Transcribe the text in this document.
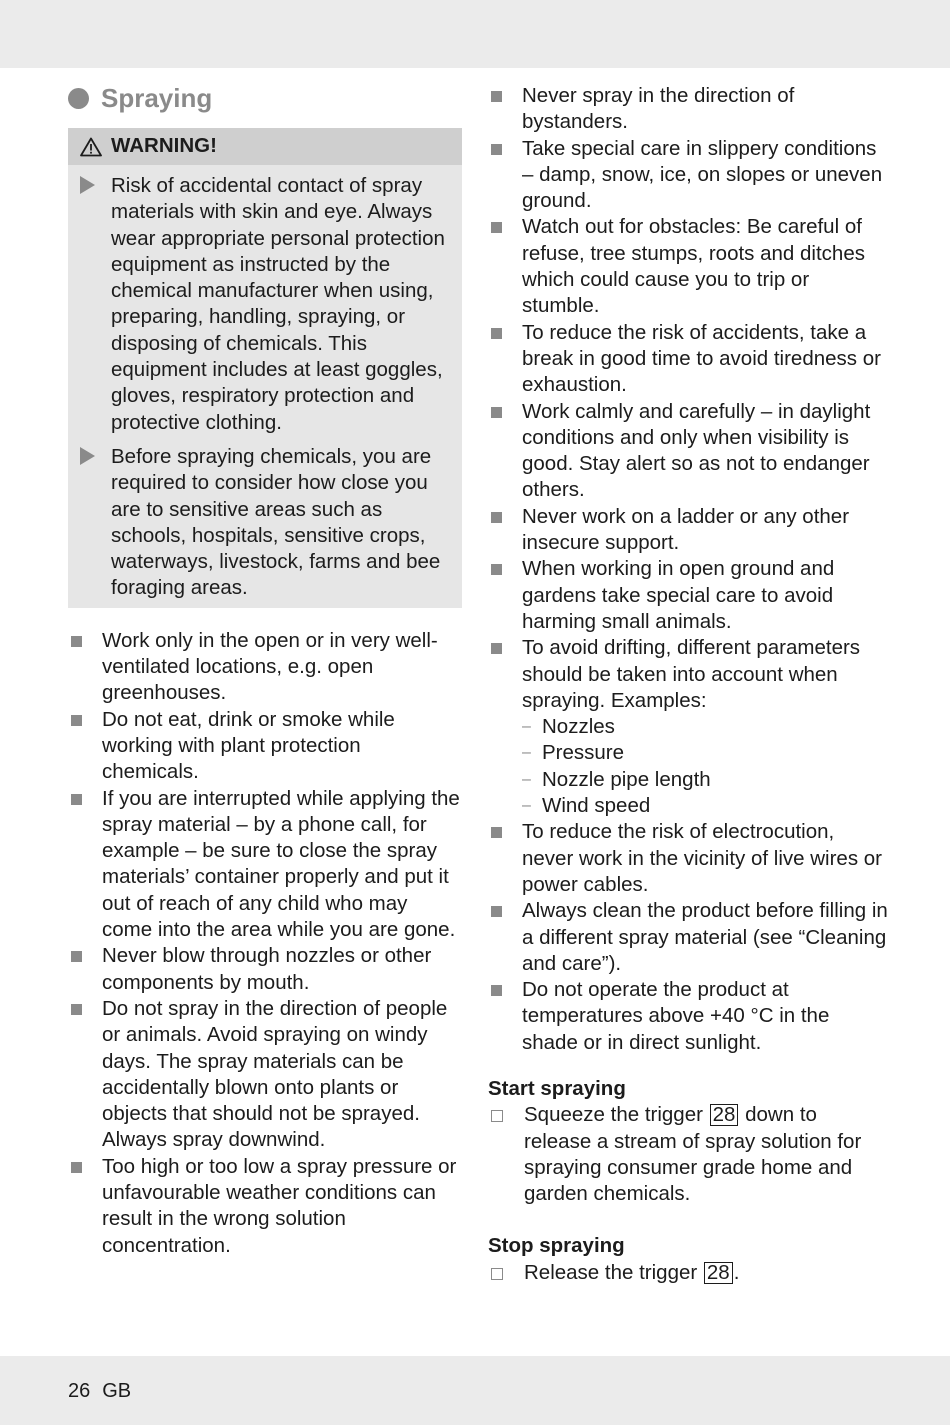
Spraying
WARNING!
Risk of accidental contact of spray materials with skin and eye. Always wear appropriate personal protection equipment as instructed by the chemical manufacturer when using, preparing, handling, spraying, or disposing of chemicals. This equipment includes at least goggles, gloves, respiratory protection and protective clothing.
Before spraying chemicals, you are required to consider how close you are to sensitive areas such as schools, hospitals, sensitive crops, waterways, livestock, farms and bee foraging areas.
Work only in the open or in very well-ventilated locations, e.g. open greenhouses.
Do not eat, drink or smoke while working with plant protection chemicals.
If you are interrupted while applying the spray material – by a phone call, for example – be sure to close the spray materials’ container properly and put it out of reach of any child who may come into the area while you are gone.
Never blow through nozzles or other components by mouth.
Do not spray in the direction of people or animals. Avoid spraying on windy days. The spray materials can be accidentally blown onto plants or objects that should not be sprayed. Always spray downwind.
Too high or too low a spray pressure or unfavourable weather conditions can result in the wrong solution concentration.
Never spray in the direction of bystanders.
Take special care in slippery conditions – damp, snow, ice, on slopes or uneven ground.
Watch out for obstacles: Be careful of refuse, tree stumps, roots and ditches which could cause you to trip or stumble.
To reduce the risk of accidents, take a break in good time to avoid tiredness or exhaustion.
Work calmly and carefully – in daylight conditions and only when visibility is good. Stay alert so as not to endanger others.
Never work on a ladder or any other insecure support.
When working in open ground and gardens take special care to avoid harming small animals.
To avoid drifting, different parameters should be taken into account when spraying. Examples:
– Nozzles
– Pressure
– Nozzle pipe length
– Wind speed
To reduce the risk of electrocution, never work in the vicinity of live wires or power cables.
Always clean the product before filling in a different spray material (see “Cleaning and care”).
Do not operate the product at temperatures above +40 °C in the shade or in direct sunlight.
Start spraying
Squeeze the trigger 28 down to release a stream of spray solution for spraying consumer grade home and garden chemicals.
Stop spraying
Release the trigger 28 .
26 GB
